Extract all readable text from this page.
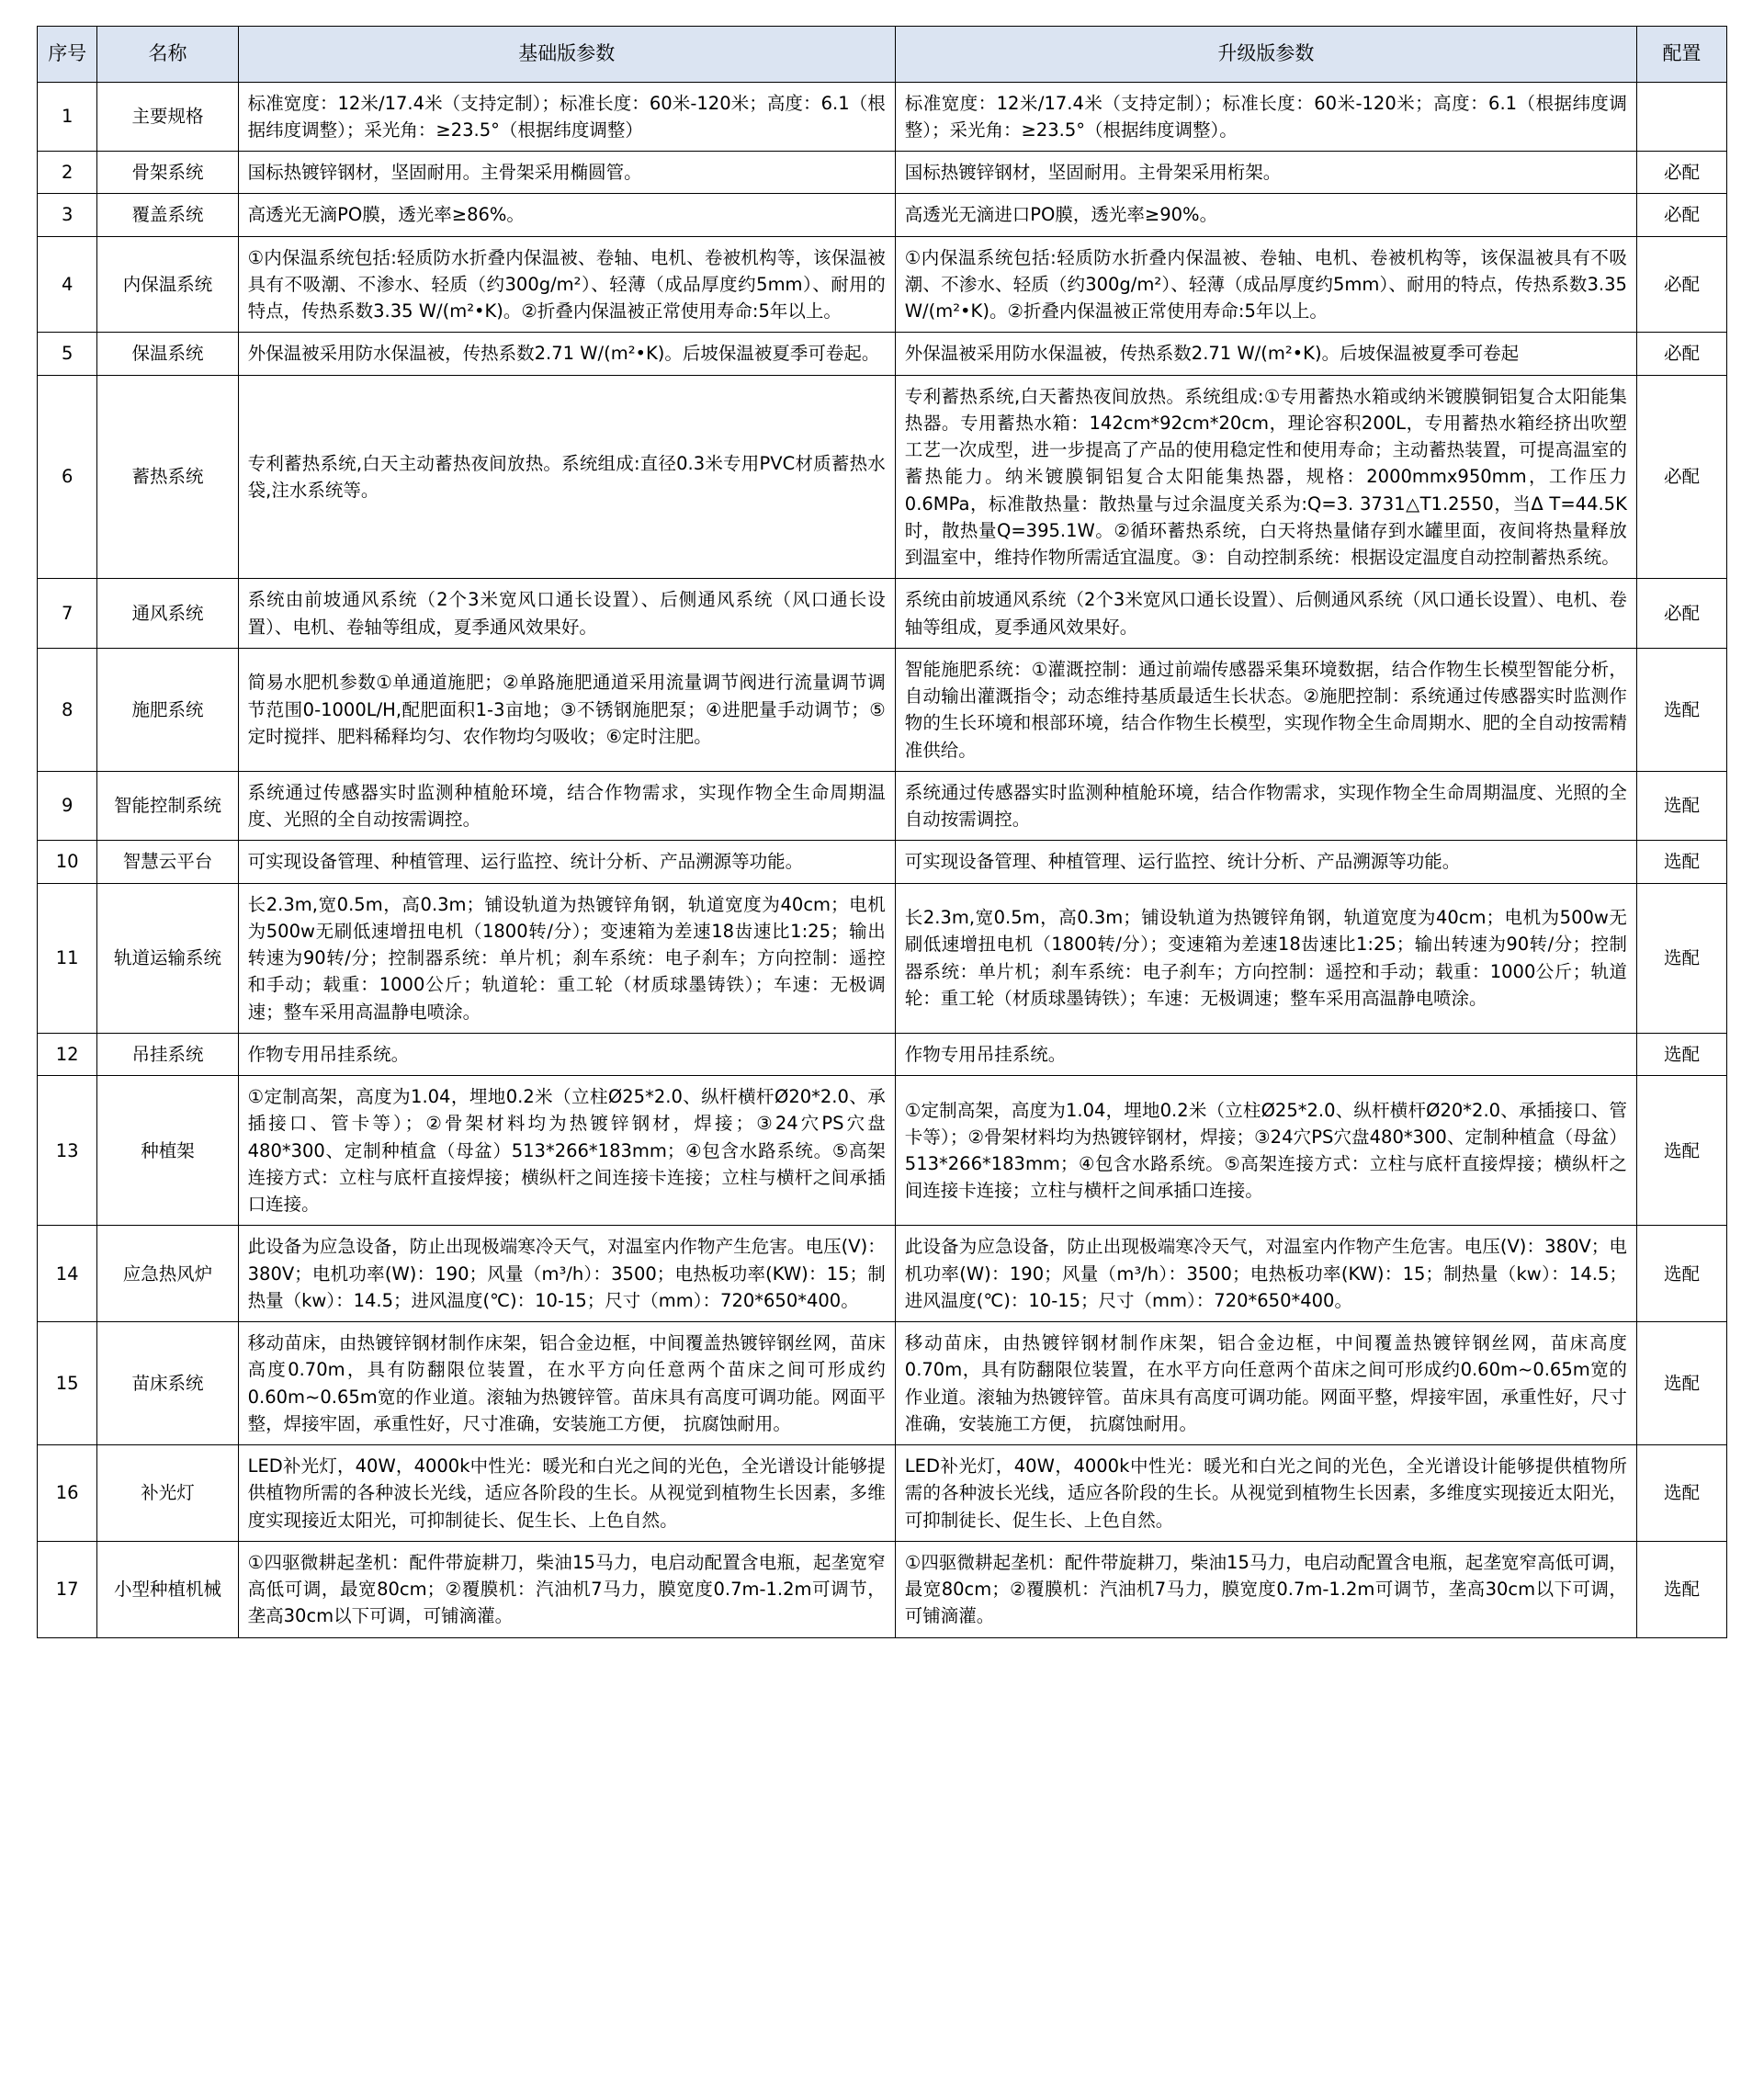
序号	名称	基础版参数	升级版参数	配置
1	主要规格	标准宽度：12米/17.4米（支持定制）；标准长度：60米-120米；高度：6.1（根据纬度调整）；采光角：≥23.5°（根据纬度调整）	标准宽度：12米/17.4米（支持定制）；标准长度：60米-120米；高度：6.1（根据纬度调整）；采光角：≥23.5°（根据纬度调整）。	
2	骨架系统	国标热镀锌钢材，坚固耐用。主骨架采用椭圆管。	国标热镀锌钢材，坚固耐用。主骨架采用桁架。	必配
3	覆盖系统	高透光无滴PO膜，透光率≥86%。	高透光无滴进口PO膜，透光率≥90%。	必配
4	内保温系统	①内保温系统包括:轻质防水折叠内保温被、卷轴、电机、卷被机构等，该保温被具有不吸潮、不渗水、轻质（约300g/m²）、轻薄（成品厚度约5mm）、耐用的特点，传热系数3.35 W/(m²•K)。②折叠内保温被正常使用寿命:5年以上。	①内保温系统包括:轻质防水折叠内保温被、卷轴、电机、卷被机构等，该保温被具有不吸潮、不渗水、轻质（约300g/m²）、轻薄（成品厚度约5mm）、耐用的特点，传热系数3.35 W/(m²•K)。②折叠内保温被正常使用寿命:5年以上。	必配
5	保温系统	外保温被采用防水保温被，传热系数2.71 W/(m²•K)。后坡保温被夏季可卷起。	外保温被采用防水保温被，传热系数2.71 W/(m²•K)。后坡保温被夏季可卷起	必配
6	蓄热系统	专利蓄热系统,白天主动蓄热夜间放热。系统组成:直径0.3米专用PVC材质蓄热水袋,注水系统等。	专利蓄热系统,白天蓄热夜间放热。系统组成:①专用蓄热水箱或纳米镀膜铜铝复合太阳能集热器。专用蓄热水箱：142cm*92cm*20cm，理论容积200L，专用蓄热水箱经挤出吹塑工艺一次成型，进一步提高了产品的使用稳定性和使用寿命；主动蓄热装置，可提高温室的蓄热能力。纳米镀膜铜铝复合太阳能集热器，规格：2000mmx950mm，工作压力0.6MPa，标准散热量：散热量与过余温度关系为:Q=3. 3731△T1.2550，当Δ T=44.5K时，散热量Q=395.1W。②循环蓄热系统，白天将热量储存到水罐里面，夜间将热量释放到温室中，维持作物所需适宜温度。③：自动控制系统：根据设定温度自动控制蓄热系统。	必配
7	通风系统	系统由前坡通风系统（2个3米宽风口通长设置）、后侧通风系统（风口通长设置）、电机、卷轴等组成，夏季通风效果好。	系统由前坡通风系统（2个3米宽风口通长设置）、后侧通风系统（风口通长设置）、电机、卷轴等组成，夏季通风效果好。	必配
8	施肥系统	简易水肥机参数①单通道施肥；②单路施肥通道采用流量调节阀进行流量调节调节范围0-1000L/H,配肥面积1-3亩地；③不锈钢施肥泵；④进肥量手动调节；⑤定时搅拌、肥料稀释均匀、农作物均匀吸收；⑥定时注肥。	智能施肥系统：①灌溉控制：通过前端传感器采集环境数据，结合作物生长模型智能分析，自动输出灌溉指令；动态维持基质最适生长状态。②施肥控制：系统通过传感器实时监测作物的生长环境和根部环境，结合作物生长模型，实现作物全生命周期水、肥的全自动按需精准供给。	选配
9	智能控制系统	系统通过传感器实时监测种植舱环境，结合作物需求，实现作物全生命周期温度、光照的全自动按需调控。	系统通过传感器实时监测种植舱环境，结合作物需求，实现作物全生命周期温度、光照的全自动按需调控。	选配
10	智慧云平台	可实现设备管理、种植管理、运行监控、统计分析、产品溯源等功能。	可实现设备管理、种植管理、运行监控、统计分析、产品溯源等功能。	选配
11	轨道运输系统	长2.3m,宽0.5m，高0.3m；铺设轨道为热镀锌角钢，轨道宽度为40cm；电机为500w无刷低速增扭电机（1800转/分）；变速箱为差速18齿速比1:25；输出转速为90转/分；控制器系统：单片机；刹车系统：电子刹车；方向控制：遥控和手动；载重：1000公斤；轨道轮：重工轮（材质球墨铸铁）；车速：无极调速；整车采用高温静电喷涂。	长2.3m,宽0.5m，高0.3m；铺设轨道为热镀锌角钢，轨道宽度为40cm；电机为500w无刷低速增扭电机（1800转/分）；变速箱为差速18齿速比1:25；输出转速为90转/分；控制器系统：单片机；刹车系统：电子刹车；方向控制：遥控和手动；载重：1000公斤；轨道轮：重工轮（材质球墨铸铁）；车速：无极调速；整车采用高温静电喷涂。	选配
12	吊挂系统	作物专用吊挂系统。	作物专用吊挂系统。	选配
13	种植架	①定制高架，高度为1.04，埋地0.2米（立柱Ø25*2.0、纵杆横杆Ø20*2.0、承插接口、管卡等）；②骨架材料均为热镀锌钢材，焊接；③24穴PS穴盘480*300、定制种植盒（母盆）513*266*183mm；④包含水路系统。⑤高架连接方式：立柱与底杆直接焊接；横纵杆之间连接卡连接；立柱与横杆之间承插口连接。	①定制高架，高度为1.04，埋地0.2米（立柱Ø25*2.0、纵杆横杆Ø20*2.0、承插接口、管卡等）；②骨架材料均为热镀锌钢材，焊接；③24穴PS穴盘480*300、定制种植盒（母盆）513*266*183mm；④包含水路系统。⑤高架连接方式：立柱与底杆直接焊接；横纵杆之间连接卡连接；立柱与横杆之间承插口连接。	选配
14	应急热风炉	此设备为应急设备，防止出现极端寒冷天气，对温室内作物产生危害。电压(V)：380V；电机功率(W)：190；风量（m³/h）：3500；电热板功率(KW)：15；制热量（kw）：14.5；进风温度(℃)：10-15；尺寸（mm）：720*650*400。	此设备为应急设备，防止出现极端寒冷天气，对温室内作物产生危害。电压(V)：380V；电机功率(W)：190；风量（m³/h）：3500；电热板功率(KW)：15；制热量（kw）：14.5；进风温度(℃)：10-15；尺寸（mm）：720*650*400。	选配
15	苗床系统	移动苗床，由热镀锌钢材制作床架，铝合金边框，中间覆盖热镀锌钢丝网，苗床高度0.70m，具有防翻限位装置，在水平方向任意两个苗床之间可形成约0.60m~0.65m宽的作业道。滚轴为热镀锌管。苗床具有高度可调功能。网面平整，焊接牢固，承重性好，尺寸准确，安装施工方便， 抗腐蚀耐用。	移动苗床，由热镀锌钢材制作床架，铝合金边框，中间覆盖热镀锌钢丝网，苗床高度0.70m，具有防翻限位装置，在水平方向任意两个苗床之间可形成约0.60m~0.65m宽的作业道。滚轴为热镀锌管。苗床具有高度可调功能。网面平整，焊接牢固，承重性好，尺寸准确，安装施工方便， 抗腐蚀耐用。	选配
16	补光灯	LED补光灯，40W，4000k中性光：暖光和白光之间的光色，全光谱设计能够提供植物所需的各种波长光线，适应各阶段的生长。从视觉到植物生长因素，多维度实现接近太阳光，可抑制徒长、促生长、上色自然。	LED补光灯，40W，4000k中性光：暖光和白光之间的光色，全光谱设计能够提供植物所需的各种波长光线，适应各阶段的生长。从视觉到植物生长因素，多维度实现接近太阳光，可抑制徒长、促生长、上色自然。	选配
17	小型种植机械	①四驱微耕起垄机：配件带旋耕刀，柴油15马力，电启动配置含电瓶，起垄宽窄高低可调，最宽80cm；②覆膜机：汽油机7马力，膜宽度0.7m-1.2m可调节，垄高30cm以下可调，可铺滴灌。	①四驱微耕起垄机：配件带旋耕刀，柴油15马力，电启动配置含电瓶，起垄宽窄高低可调，最宽80cm；②覆膜机：汽油机7马力，膜宽度0.7m-1.2m可调节，垄高30cm以下可调，可铺滴灌。	选配
